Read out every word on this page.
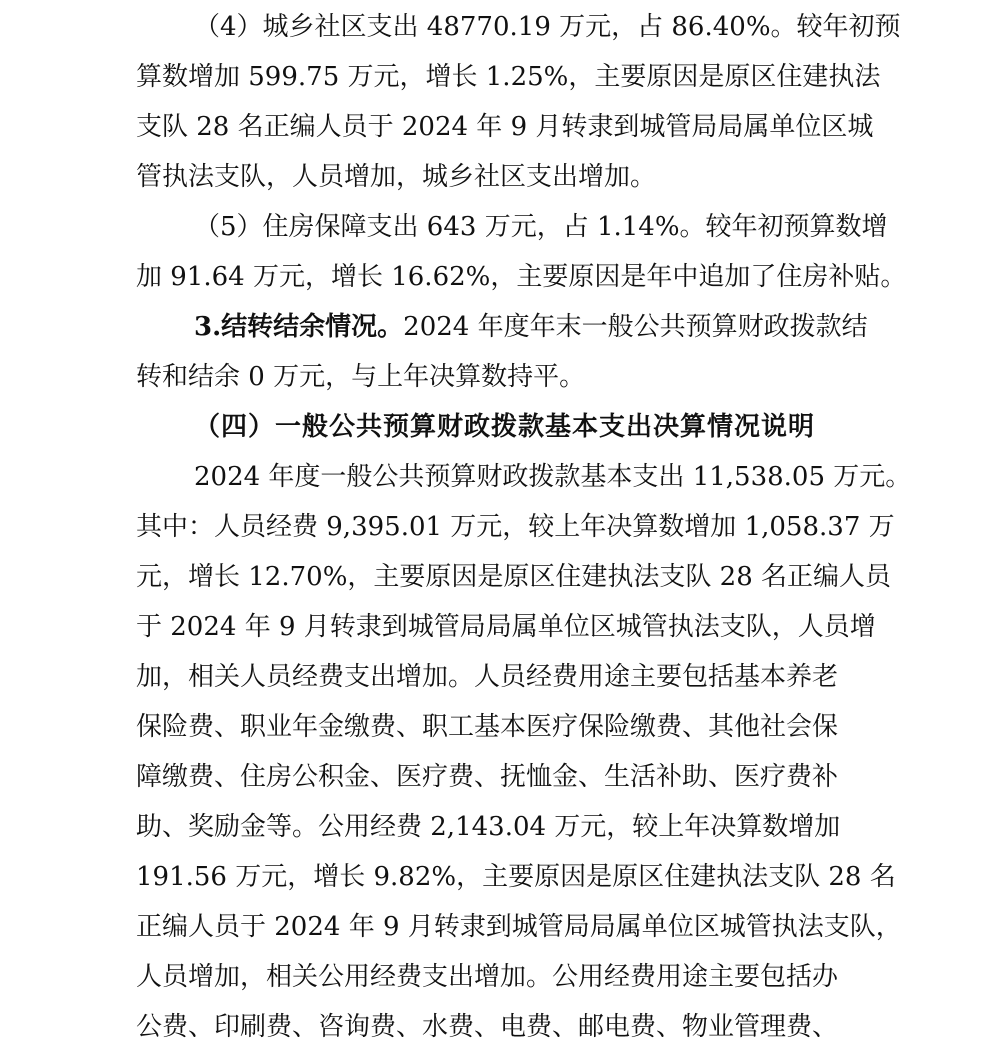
（4）城乡社区支出 48770.19 万元，占 86.40%。较年初预
算数增加 599.75 万元，增长 1.25%，主要原因是原区住建执法
支队 28 名正编人员于 2024 年 9 月转隶到城管局局属单位区城
管执法支队，人员增加，城乡社区支出增加。
（5）住房保障支出 643 万元，占 1.14%。较年初预算数增
加 91.64 万元，增长 16.62%，主要原因是年中追加了住房补贴。
3.结转结余情况。2024 年度年末一般公共预算财政拨款结
转和结余 0 万元，与上年决算数持平。
（四）一般公共预算财政拨款基本支出决算情况说明
2024 年度一般公共预算财政拨款基本支出 11,538.05 万元。
其中：人员经费 9,395.01 万元，较上年决算数增加 1,058.37 万
元，增长 12.70%，主要原因是原区住建执法支队 28 名正编人员
于 2024 年 9 月转隶到城管局局属单位区城管执法支队，人员增
加，相关人员经费支出增加。人员经费用途主要包括基本养老
保险费、职业年金缴费、职工基本医疗保险缴费、其他社会保
障缴费、住房公积金、医疗费、抚恤金、生活补助、医疗费补
助、奖励金等。公用经费 2,143.04 万元，较上年决算数增加
191.56 万元，增长 9.82%，主要原因是原区住建执法支队 28 名
正编人员于 2024 年 9 月转隶到城管局局属单位区城管执法支队，
人员增加，相关公用经费支出增加。公用经费用途主要包括办
公费、印刷费、咨询费、水费、电费、邮电费、物业管理费、
